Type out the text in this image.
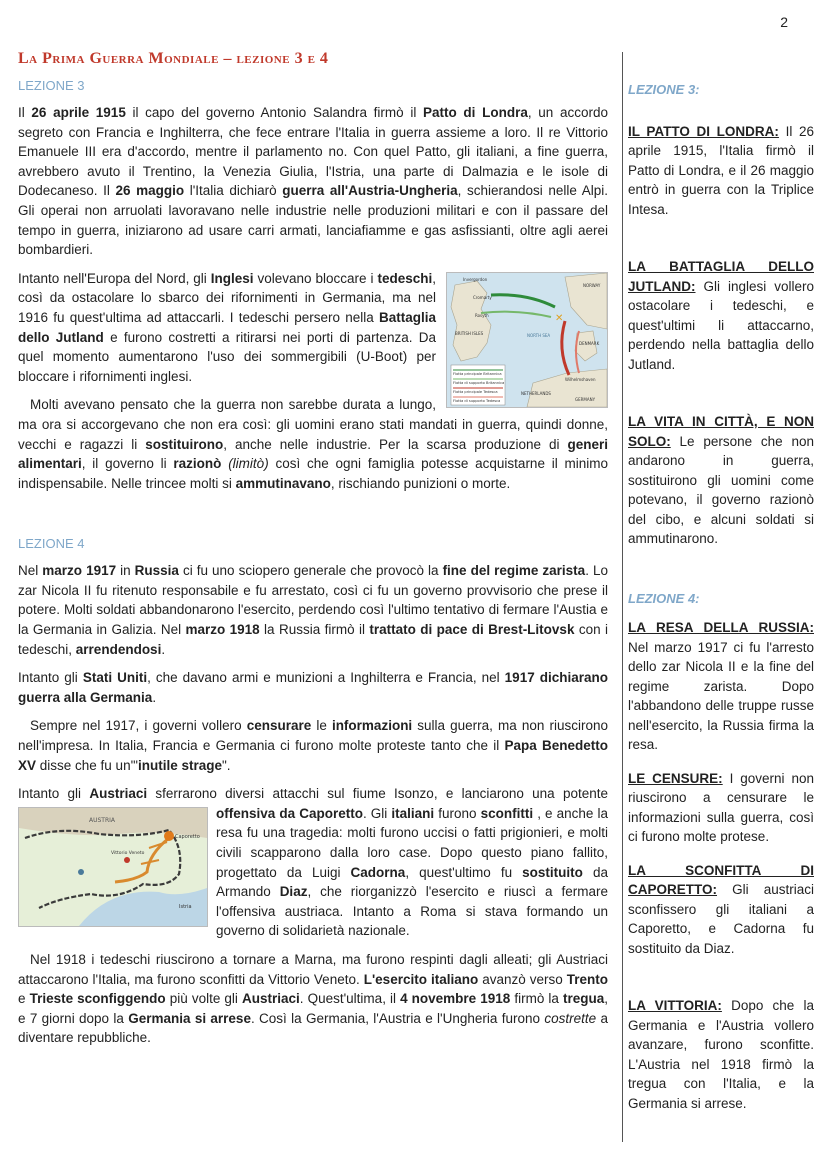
2
La Prima Guerra Mondiale – lezione 3 e 4
LEZIONE 3

Il 26 aprile 1915 il capo del governo Antonio Salandra firmò il Patto di Londra, un accordo segreto con Francia e Inghilterra, che fece entrare l'Italia in guerra assieme a loro. Il re Vittorio Emanuele III era d'accordo, mentre il parlamento no. Con quel Patto, gli italiani, a fine guerra, avrebbero avuto il Trentino, la Venezia Giulia, l'Istria, una parte di Dalmazia e le isole di Dodecaneso. Il 26 maggio l'Italia dichiarò guerra all'Austria-Ungheria, schierandosi nelle Alpi. Gli operai non arruolati lavoravano nelle industrie nelle produzioni militari e con il passare del tempo in guerra, iniziarono ad usare carri armati, lanciafiamme e gas asfissianti, oltre agli aerei bombardieri.

✕
Invergordon
Cromarty
Rosyth
BRITISH ISLES	NORTH SEA
NORWAY
DENMARK
Wilhelmshaven
NETHERLANDS
GERMANY
Flotta principale Britannica
Flotta di supporto Britannica
Flotta principale Tedesca
Flotta di supporto Tedesca

Intanto nell'Europa del Nord, gli Inglesi volevano bloccare i tedeschi, così da ostacolare lo sbarco dei rifornimenti in Germania, ma nel 1916 fu quest'ultima ad attaccarli. I tedeschi persero nella Battaglia dello Jutland e furono costretti a ritirarsi nei porti di partenza. Da quel momento aumentarono l'uso dei sommergibili (U-Boot) per bloccare i rifornimenti inglesi.

Molti avevano pensato che la guerra non sarebbe durata a lungo, ma ora si accorgevano che non era così: gli uomini erano stati mandati in guerra, quindi donne, vecchi e ragazzi li sostituirono, anche nelle industrie. Per la scarsa produzione di generi alimentari, il governo li razionò (limitò) così che ogni famiglia potesse acquistarne il minimo indispensabile. Nelle trincee molti si ammutinavano, rischiando punizioni o morte.

LEZIONE 4

Nel marzo 1917 in Russia ci fu uno sciopero generale che provocò la fine del regime zarista. Lo zar Nicola II fu ritenuto responsabile e fu arrestato, così ci fu un governo provvisorio che prese il potere. Molti soldati abbandonarono l'esercito, perdendo così l'ultimo tentativo di fermare l'Austia e la Germania in Galizia. Nel marzo 1918 la Russia firmò il trattato di pace di Brest-Litovsk con i tedeschi, arrendendosi.

Intanto gli Stati Uniti, che davano armi e munizioni a Inghilterra e Francia, nel 1917 dichiarano guerra alla Germania.

Sempre nel 1917, i governi vollero censurare le informazioni sulla guerra, ma non riuscirono nell'impresa. In Italia, Francia e Germania ci furono molte proteste tanto che il Papa Benedetto XV disse che fu un'"inutile strage".

Intanto gli Austriaci sferrarono diversi attacchi sul fiume Isonzo, e lanciarono una potente offensiva da Caporetto. Gli italiani furono sconfitti
AUSTRIA
Caporetto
Vittorio Veneto
Istria
, e anche la resa fu una tragedia: molti furono uccisi o fatti prigionieri, e molti civili scapparono dalla loro case. Dopo questo piano fallito, progettato da Luigi Cadorna, quest'ultimo fu sostituito da Armando Diaz, che riorganizzò l'esercito e riuscì a fermare l'offensiva austriaca. Intanto a Roma si stava formando un governo di solidarietà nazionale.

Nel 1918 i tedeschi riuscirono a tornare a Marna, ma furono respinti dagli alleati; gli Austriaci attaccarono l'Italia, ma furono sconfitti da Vittorio Veneto. L'esercito italiano avanzò verso Trento e Trieste sconfiggendo più volte gli Austriaci. Quest'ultima, il 4 novembre 1918 firmò la tregua, e 7 giorni dopo la Germania si arrese. Così la Germania, l'Austria e l'Ungheria furono costrette a diventare repubbliche.

LEZIONE 3:

IL PATTO DI LONDRA: Il 26 aprile 1915, l'Italia firmò il Patto di Londra, e il 26 maggio entrò in guerra con la Triplice Intesa.

LA BATTAGLIA DELLO JUTLAND: Gli inglesi vollero ostacolare i tedeschi, e quest'ultimi li attaccarno, perdendo nella battaglia dello Jutland.

LA VITA IN CITTÀ, E NON SOLO: Le persone che non andarono in guerra, sostituirono gli uomini come potevano, il governo razionò del cibo, e alcuni soldati si ammutinarono.

LEZIONE 4:

LA RESA DELLA RUSSIA: Nel marzo 1917 ci fu l'arresto dello zar Nicola II e la fine del regime zarista. Dopo l'abbandono delle truppe russe nell'esercito, la Russia firma la resa.

LE CENSURE: I governi non riuscirono a censurare le informazioni sulla guerra, così ci furono molte protese.

LA SCONFITTA DI CAPORETTO: Gli austriaci sconfissero gli italiani a Caporetto, e Cadorna fu sostituito da Diaz.

LA VITTORIA: Dopo che la Germania e l'Austria vollero avanzare, furono sconfitte. L'Austria nel 1918 firmò la tregua con l'Italia, e la Germania si arrese.
